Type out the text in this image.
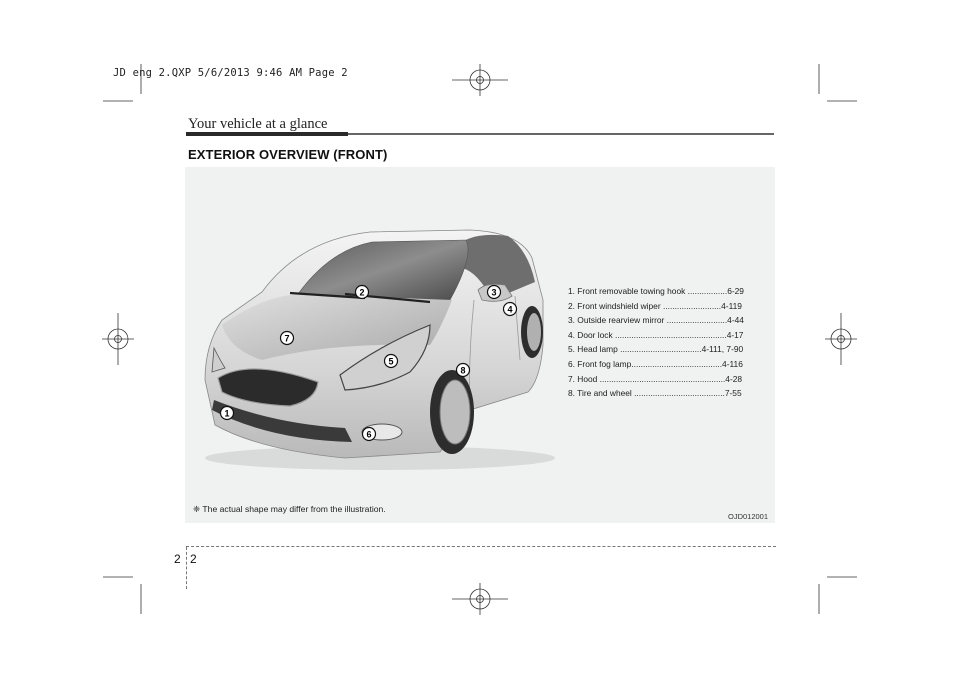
JD eng 2.QXP 5/6/2013 9:46 AM Page 2
Your vehicle at a glance
EXTERIOR OVERVIEW (FRONT)
1
2	3
4
5
6
7
8
1. Front removable towing hook .................6-29
2. Front windshield wiper .........................4-119
3. Outside rearview mirror ..........................4-44
4. Door lock ................................................4-17
5. Head lamp ...................................4-111, 7-90
6. Front fog lamp.......................................4-116
7. Hood ......................................................4-28
8. Tire and wheel .......................................7-55
❈ The actual shape may differ from the illustration.
OJD012001
2 2
